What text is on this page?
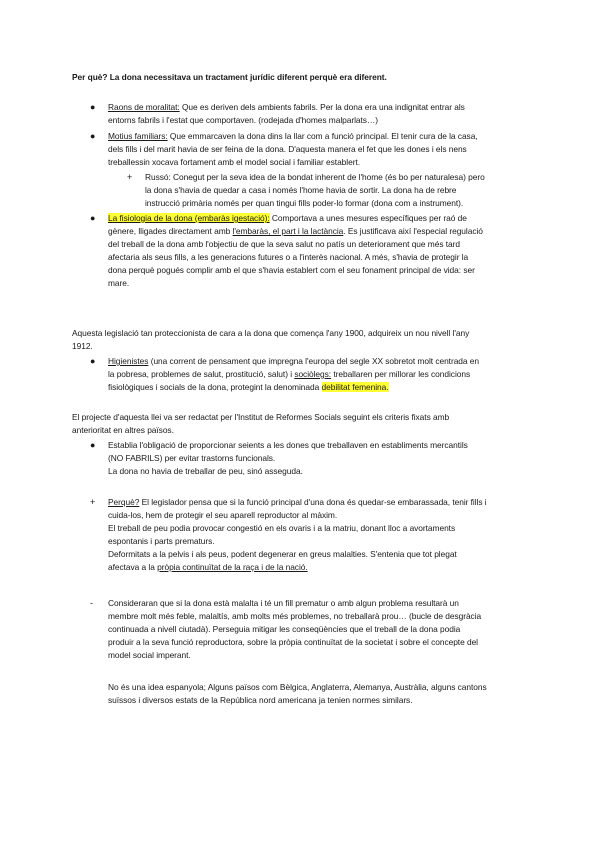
Per què? La dona necessitava un tractament jurídic diferent perquè era diferent.
● Raons de moralitat: Que es deriven dels ambients fabrils. Per la dona era una indignitat entrar als
entorns fabrils i l'estat que comportaven. (rodejada d'homes malparlats…)
● Motius familiars: Que emmarcaven la dona dins la llar com a funció principal. El tenir cura de la casa,
dels fills i del marit havia de ser feina de la dona. D'aquesta manera el fet que les dones i els nens
treballessin xocava fortament amb el model social i familiar establert.
+ Russó: Conegut per la seva idea de la bondat inherent de l'home (és bo per naturalesa) pero
la dona s'havia de quedar a casa i només l'home havia de sortir. La dona ha de rebre
instrucció primària només per quan tingui fills poder-lo formar (dona com a instrument).
● La fisiologia de la dona (embaràs igestació): Comportava a unes mesures específiques per raó de
gènere, lligades directament amb l'embaràs, el part i la lactància. Es justificava així l'especial regulació
del treball de la dona amb l'objectiu de que la seva salut no patís un deteriorament que més tard
afectaria als seus fills, a les generacions futures o a l'interès nacional. A més, s'havia de protegir la
dona perquè pogués complir amb el que s'havia establert com el seu fonament principal de vida: ser
mare.
Aquesta legislació tan proteccionista de cara a la dona que comença l'any 1900, adquireix un nou nivell l'any
1912.
● Higienistes (una corrent de pensament que impregna l'europa del segle XX sobretot molt centrada en
la pobresa, problemes de salut, prostitució, salut) i sociòlegs: treballaren per millorar les condicions
fisiològiques i socials de la dona, protegint la denominada debilitat femenina.
El projecte d'aquesta llei va ser redactat per l'Institut de Reformes Socials seguint els criteris fixats amb
anterioritat en altres països.
● Establia l'obligació de proporcionar seients a les dones que treballaven en establiments mercantils
(NO FABRILS) per evitar trastorns funcionals.
La dona no havia de treballar de peu, sinó asseguda.
+ Perquè? El legislador pensa que si la funció principal d'una dona és quedar-se embarassada, tenir fills i
cuida-los, hem de protegir el seu aparell reproductor al màxim.
El treball de peu podia provocar congestió en els ovaris i a la matriu, donant lloc a avortaments
espontanis i parts prematurs.
Deformitats a la pelvis i als peus, podent degenerar en greus malalties. S'entenia que tot plegat
afectava a la pròpia continuïtat de la raça i de la nació.
- Consideraran que si la dona està malalta i té un fill prematur o amb algun problema resultarà un
membre molt més feble, malaltís, amb molts més problemes, no treballarà prou… (bucle de desgràcia
continuada a nivell ciutadà). Perseguia mitigar les conseqüències que el treball de la dona podia
produir a la seva funció reproductora, sobre la pròpia continuïtat de la societat i sobre el concepte del
model social imperant.
No és una idea espanyola; Alguns països com Bèlgica, Anglaterra, Alemanya, Austràlia, alguns cantons
suïssos i diversos estats de la República nord americana ja tenien normes similars.
